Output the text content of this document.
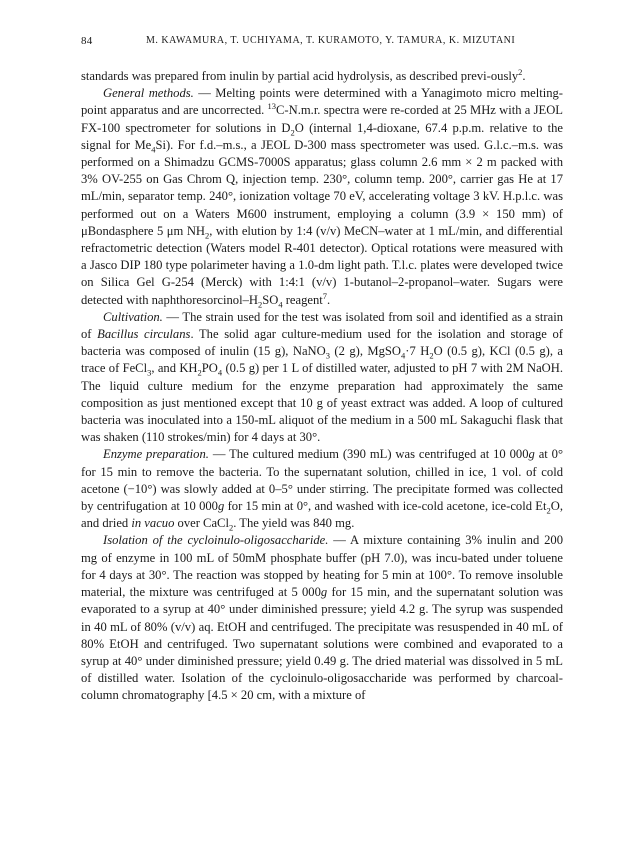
84	M. KAWAMURA, T. UCHIYAMA, T. KURAMOTO, Y. TAMURA, K. MIZUTANI

standards was prepared from inulin by partial acid hydrolysis, as described previ-ously$^2$.

General methods. — Melting points were determined with a Yanagimoto micro melting-point apparatus and are uncorrected. $^{13}$C-N.m.r. spectra were re-corded at 25 MHz with a JEOL FX-100 spectrometer for solutions in $D_2O$ (internal 1,4-dioxane, 67.4 p.p.m. relative to the signal for $Me_4Si$). For f.d.–m.s., a JEOL D-300 mass spectrometer was used. G.l.c.–m.s. was performed on a Shimadzu GCMS-7000S apparatus; glass column 2.6 mm × 2 m packed with 3% OV-255 on Gas Chrom Q, injection temp. 230°, column temp. 200°, carrier gas He at 17 mL/min, separator temp. 240°, ionization voltage 70 eV, accelerating voltage 3 kV. H.p.l.c. was performed out on a Waters M600 instrument, employing a column (3.9 × 150 mm) of μBondasphere 5 μm $NH_2$, with elution by 1:4 (v/v) MeCN–water at 1 mL/min, and differential refractometric detection (Waters model R-401 detector). Optical rotations were measured with a Jasco DIP 180 type polarimeter having a 1.0-dm light path. T.l.c. plates were developed twice on Silica Gel G-254 (Merck) with 1:4:1 (v/v) 1-butanol–2-propanol–water. Sugars were detected with naphthoresorcinol–$H_2SO_4$ reagent$^7$.

Cultivation. — The strain used for the test was isolated from soil and identified as a strain of Bacillus circulans. The solid agar culture-medium used for the isolation and storage of bacteria was composed of inulin (15 g), NaNO$_3$ (2 g), MgSO$_4$·7 $H_2O$ (0.5 g), KCl (0.5 g), a trace of FeCl$_3$, and $KH_2PO_4$ (0.5 g) per 1 L of distilled water, adjusted to pH 7 with 2M NaOH. The liquid culture medium for the enzyme preparation had approximately the same composition as just mentioned except that 10 g of yeast extract was added. A loop of cultured bacteria was inoculated into a 150-mL aliquot of the medium in a 500 mL Sakaguchi flask that was shaken (110 strokes/min) for 4 days at 30°.

Enzyme preparation. — The cultured medium (390 mL) was centrifuged at 10 000g at 0° for 15 min to remove the bacteria. To the supernatant solution, chilled in ice, 1 vol. of cold acetone (−10°) was slowly added at 0–5° under stirring. The precipitate formed was collected by centrifugation at 10 000g for 15 min at 0°, and washed with ice-cold acetone, ice-cold $Et_2O$, and dried in vacuo over CaCl$_2$. The yield was 840 mg.

Isolation of the cycloinulo-oligosaccharide. — A mixture containing 3% inulin and 200 mg of enzyme in 100 mL of 50mM phosphate buffer (pH 7.0), was incu-bated under toluene for 4 days at 30°. The reaction was stopped by heating for 5 min at 100°. To remove insoluble material, the mixture was centrifuged at 5 000g for 15 min, and the supernatant solution was evaporated to a syrup at 40° under diminished pressure; yield 4.2 g. The syrup was suspended in 40 mL of 80% (v/v) aq. EtOH and centrifuged. The precipitate was resuspended in 40 mL of 80% EtOH and centrifuged. Two supernatant solutions were combined and evaporated to a syrup at 40° under diminished pressure; yield 0.49 g. The dried material was dissolved in 5 mL of distilled water. Isolation of the cycloinulo-oligosaccharide was performed by charcoal-column chromatography [4.5 × 20 cm, with a mixture of
